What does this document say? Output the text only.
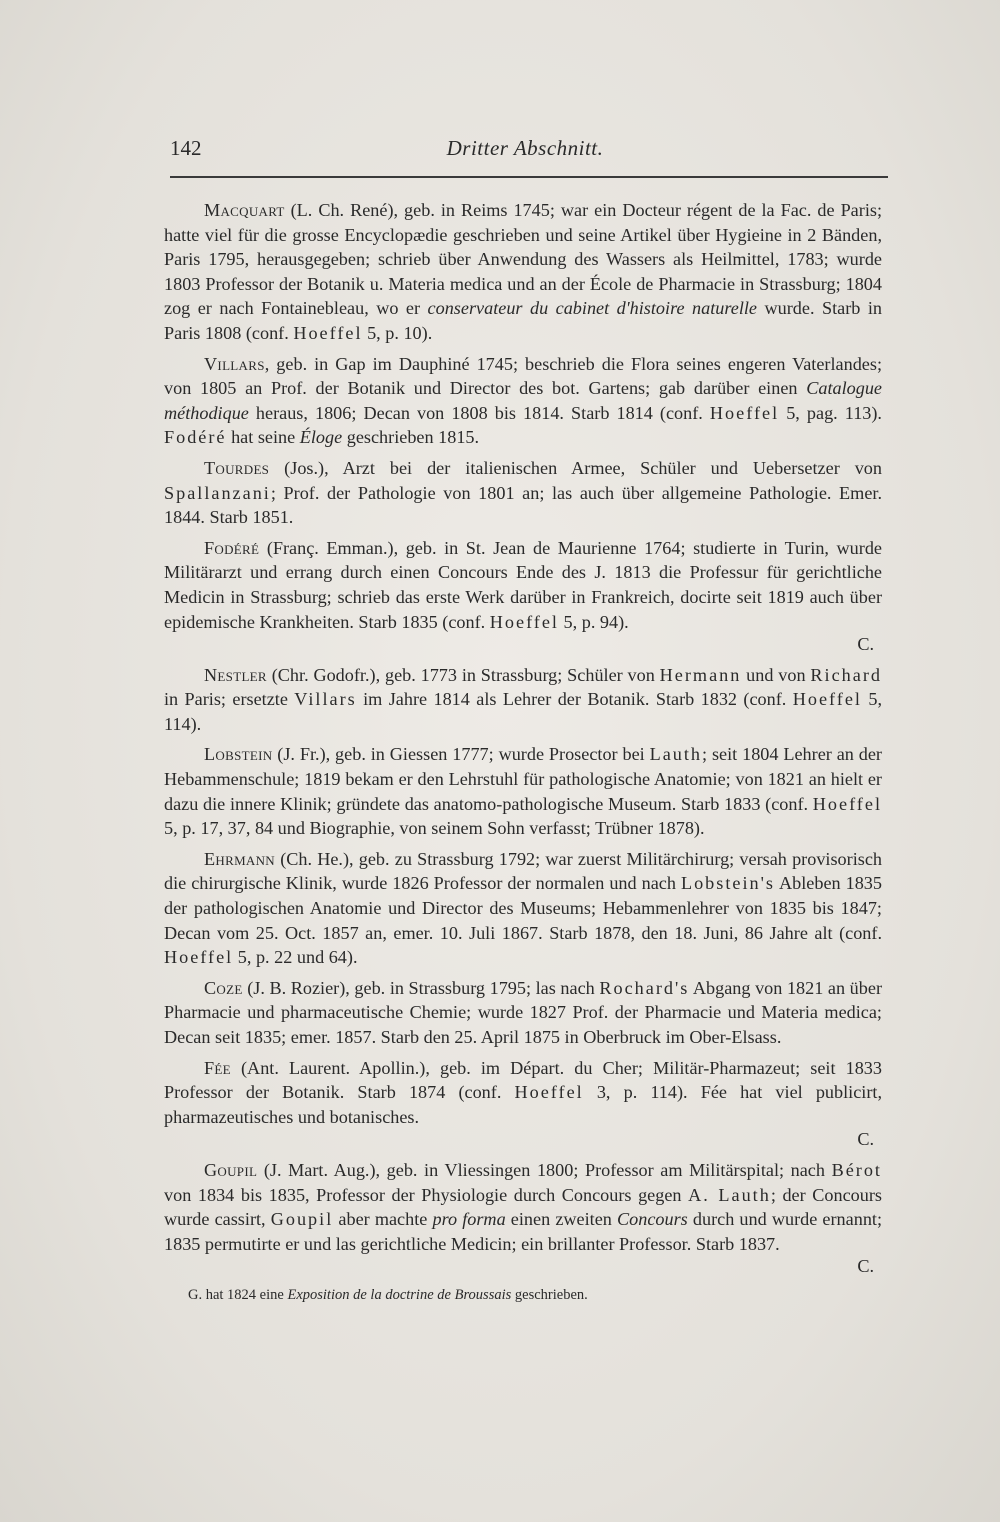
142	Dritter Abschnitt.

Macquart (L. Ch. René), geb. in Reims 1745; war ein Docteur régent de la Fac. de Paris; hatte viel für die grosse Encyclopædie geschrieben und seine Artikel über Hygieine in 2 Bänden, Paris 1795, herausgegeben; schrieb über Anwendung des Wassers als Heilmittel, 1783; wurde 1803 Professor der Botanik u. Materia medica und an der École de Pharmacie in Strassburg; 1804 zog er nach Fontainebleau, wo er conservateur du cabinet d'histoire naturelle wurde. Starb in Paris 1808 (conf. Hoeffel 5, p. 10).

Villars, geb. in Gap im Dauphiné 1745; beschrieb die Flora seines engeren Vaterlandes; von 1805 an Prof. der Botanik und Director des bot. Gartens; gab darüber einen Catalogue méthodique heraus, 1806; Decan von 1808 bis 1814. Starb 1814 (conf. Hoeffel 5, pag. 113). Fodéré hat seine Éloge geschrieben 1815.

Tourdes (Jos.), Arzt bei der italienischen Armee, Schüler und Uebersetzer von Spallanzani; Prof. der Pathologie von 1801 an; las auch über allgemeine Pathologie. Emer. 1844. Starb 1851.

Fodéré (Franç. Emman.), geb. in St. Jean de Maurienne 1764; studierte in Turin, wurde Militärarzt und errang durch einen Concours Ende des J. 1813 die Professur für gerichtliche Medicin in Strassburg; schrieb das erste Werk darüber in Frankreich, docirte seit 1819 auch über epidemische Krankheiten. Starb 1835 (conf. Hoeffel 5, p. 94).
C.

Nestler (Chr. Godofr.), geb. 1773 in Strassburg; Schüler von Hermann und von Richard in Paris; ersetzte Villars im Jahre 1814 als Lehrer der Botanik. Starb 1832 (conf. Hoeffel 5, 114).

Lobstein (J. Fr.), geb. in Giessen 1777; wurde Prosector bei Lauth; seit 1804 Lehrer an der Hebammenschule; 1819 bekam er den Lehrstuhl für pathologische Anatomie; von 1821 an hielt er dazu die innere Klinik; gründete das anatomo-pathologische Museum. Starb 1833 (conf. Hoeffel 5, p. 17, 37, 84 und Biographie, von seinem Sohn verfasst; Trübner 1878).

Ehrmann (Ch. He.), geb. zu Strassburg 1792; war zuerst Militärchirurg; versah provisorisch die chirurgische Klinik, wurde 1826 Professor der normalen und nach Lobstein's Ableben 1835 der pathologischen Anatomie und Director des Museums; Hebammenlehrer von 1835 bis 1847; Decan vom 25. Oct. 1857 an, emer. 10. Juli 1867. Starb 1878, den 18. Juni, 86 Jahre alt (conf. Hoeffel 5, p. 22 und 64).

Coze (J. B. Rozier), geb. in Strassburg 1795; las nach Rochard's Abgang von 1821 an über Pharmacie und pharmaceutische Chemie; wurde 1827 Prof. der Pharmacie und Materia medica; Decan seit 1835; emer. 1857. Starb den 25. April 1875 in Oberbruck im Ober-Elsass.

Fée (Ant. Laurent. Apollin.), geb. im Départ. du Cher; Militär-Pharmazeut; seit 1833 Professor der Botanik. Starb 1874 (conf. Hoeffel 3, p. 114). Fée hat viel publicirt, pharmazeutisches und botanisches.
C.

Goupil (J. Mart. Aug.), geb. in Vliessingen 1800; Professor am Militärspital; nach Bérot von 1834 bis 1835, Professor der Physiologie durch Concours gegen A. Lauth; der Concours wurde cassirt, Goupil aber machte pro forma einen zweiten Concours durch und wurde ernannt; 1835 permutirte er und las gerichtliche Medicin; ein brillanter Professor. Starb 1837.
C.

G. hat 1824 eine Exposition de la doctrine de Broussais geschrieben.
